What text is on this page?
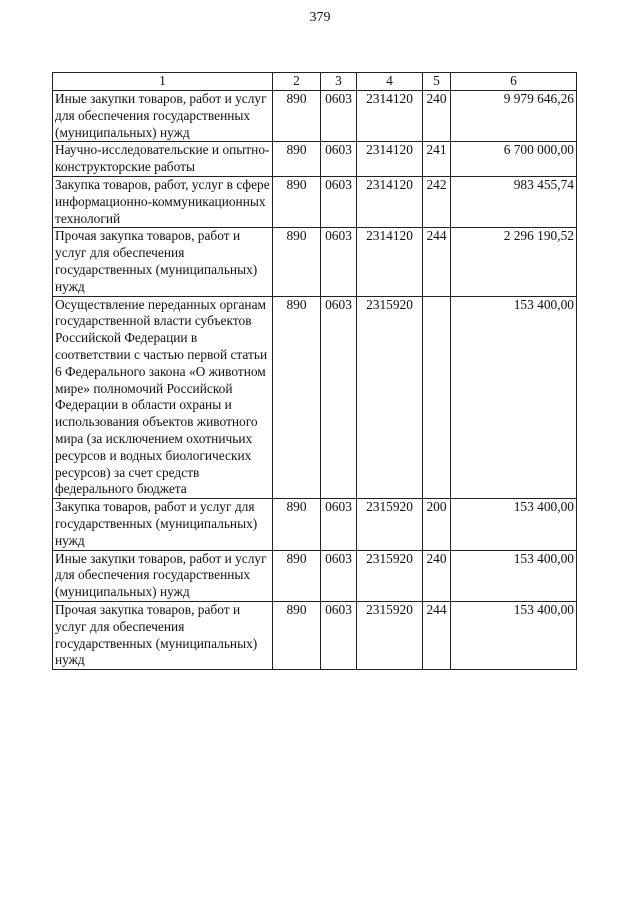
379
1	2	3	4	5	6
Иные закупки товаров, работ и услуг для обеспечения государственных (муниципальных) нужд	890	0603	2314120	240	9 979 646,26
Научно-исследовательские и опытно-конструкторские работы	890	0603	2314120	241	6 700 000,00
Закупка товаров, работ, услуг в сфере информационно-коммуникационных технологий	890	0603	2314120	242	983 455,74
Прочая закупка товаров, работ и услуг для обеспечения государственных (муниципальных) нужд	890	0603	2314120	244	2 296 190,52
Осуществление переданных органам государственной власти субъектов Российской Федерации в соответствии с частью первой статьи 6 Федерального закона «О животном мире» полномочий Российской Федерации в области охраны и использования объектов животного мира (за исключением охотничьих ресурсов и водных биологических ресурсов) за счет средств федерального бюджета	890	0603	2315920		153 400,00
Закупка товаров, работ и услуг для государственных (муниципальных) нужд	890	0603	2315920	200	153 400,00
Иные закупки товаров, работ и услуг для обеспечения государственных (муниципальных) нужд	890	0603	2315920	240	153 400,00
Прочая закупка товаров, работ и услуг для обеспечения государственных (муниципальных) нужд	890	0603	2315920	244	153 400,00
